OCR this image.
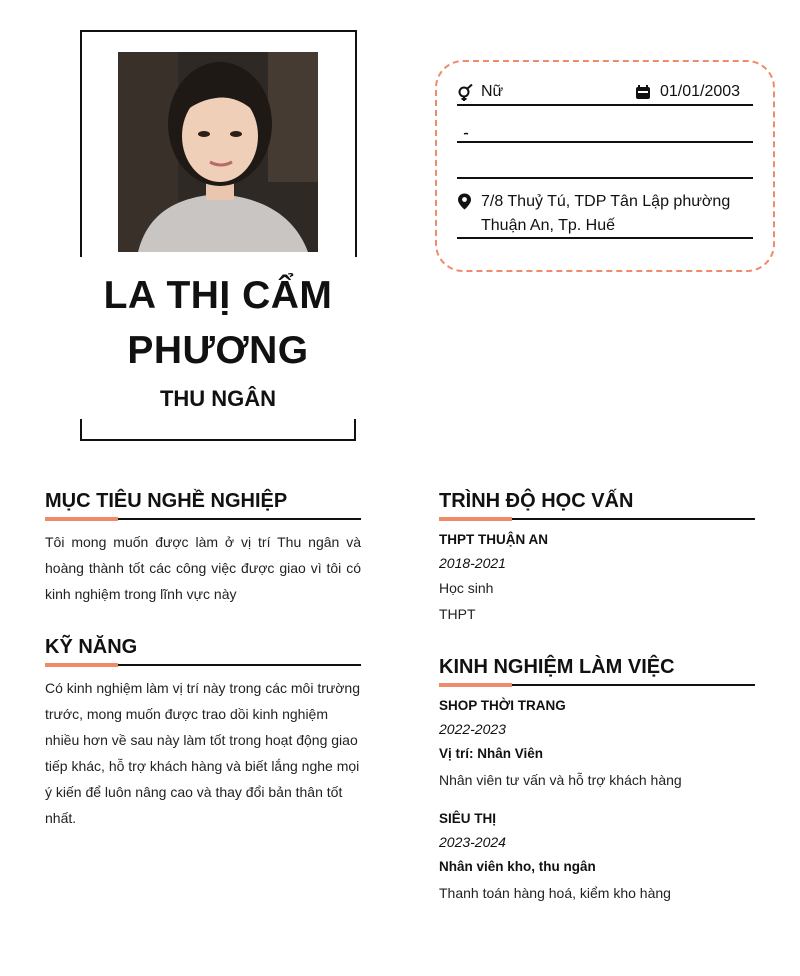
LA THỊ CẨM PHƯƠNG
THU NGÂN
Nữ	01/01/2003
7/8 Thuỷ Tú, TDP Tân Lập phường Thuận An, Tp. Huế
MỤC TIÊU NGHỀ NGHIỆP
Tôi mong muốn được làm ở vị trí Thu ngân và hoàng thành tốt các công việc được giao vì tôi có kinh nghiệm trong lĩnh vực này
KỸ NĂNG
Có kinh nghiệm làm vị trí này trong các môi trường trước, mong muốn được trao dồi kinh nghiệm nhiều hơn về sau này làm tốt trong hoạt động giao tiếp khác, hỗ trợ khách hàng và biết lắng nghe mọi ý kiến để luôn nâng cao và thay đổi bản thân tốt nhất.
TRÌNH ĐỘ HỌC VẤN
THPT THUẬN AN
2018-2021
Học sinh
THPT
KINH NGHIỆM LÀM VIỆC
SHOP THỜI TRANG
2022-2023
Vị trí: Nhân Viên
Nhân viên tư vấn và hỗ trợ khách hàng
SIÊU THỊ
2023-2024
Nhân viên kho, thu ngân
Thanh toán hàng hoá, kiểm kho hàng
